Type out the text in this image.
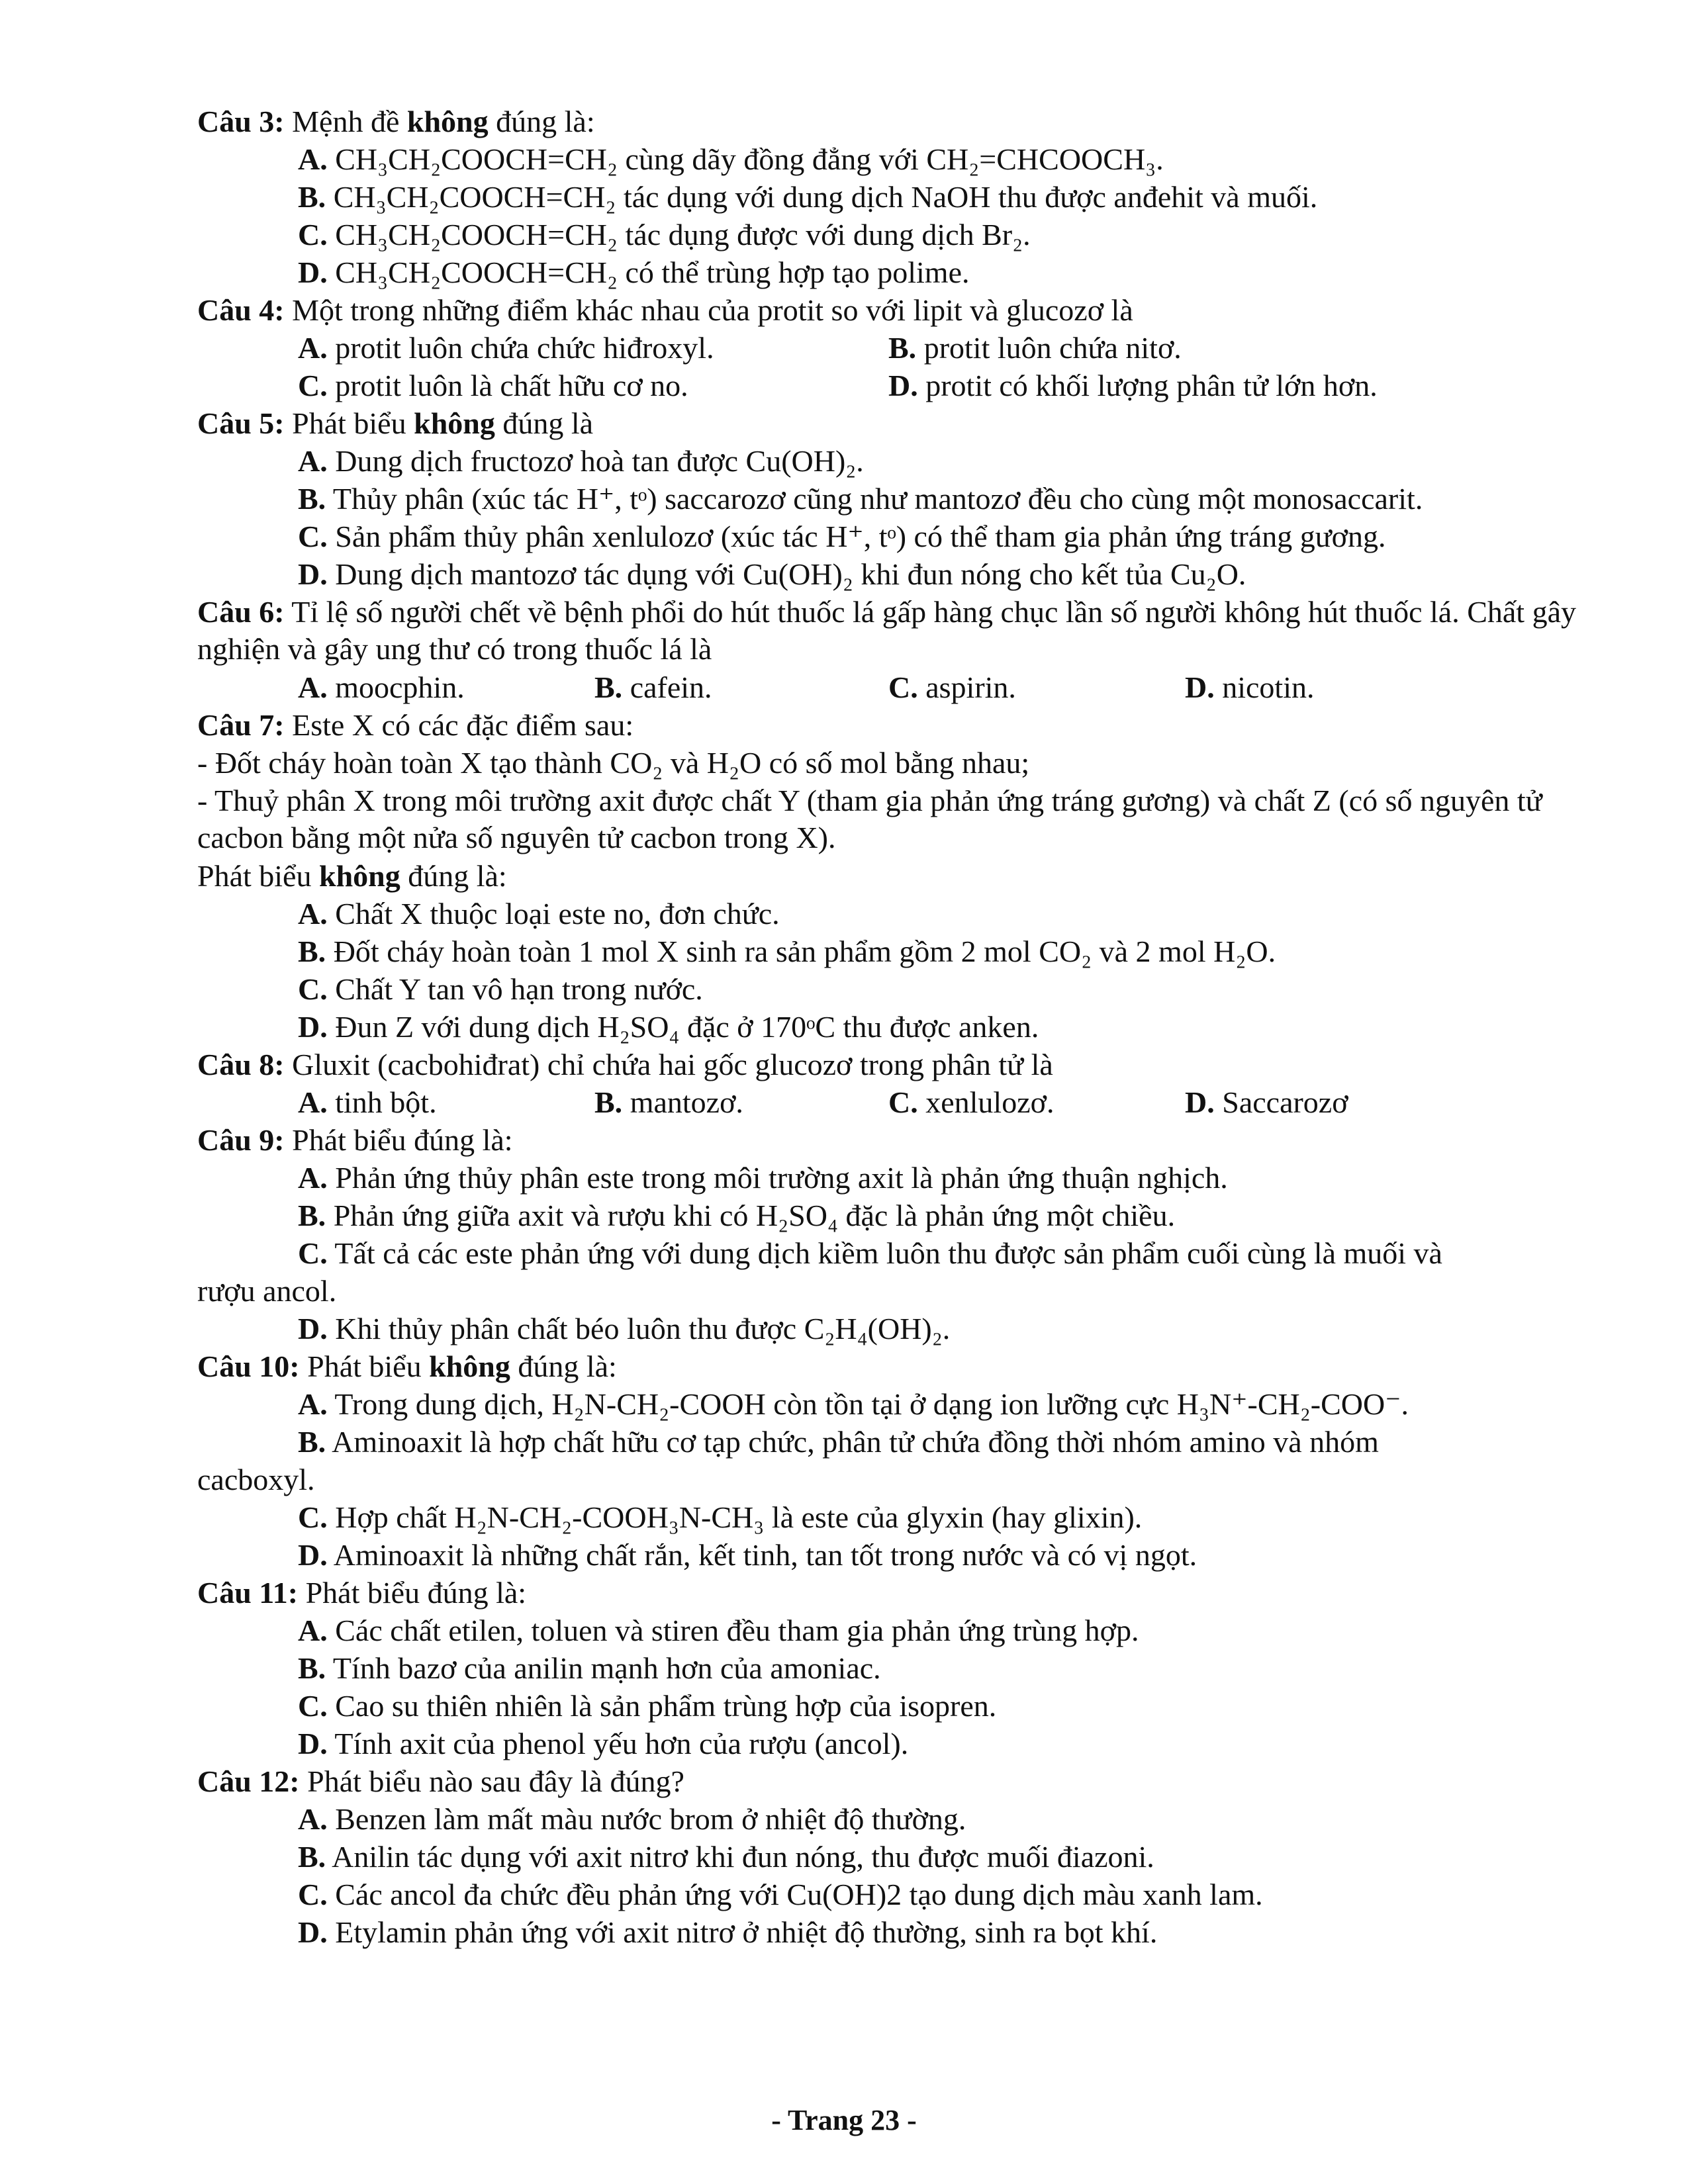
Câu 3: Mệnh đề không đúng là:
A. CH₃CH₂COOCH=CH₂ cùng dãy đồng đẳng với CH₂=CHCOOCH₃.
B. CH₃CH₂COOCH=CH₂ tác dụng với dung dịch NaOH thu được anđehit và muối.
C. CH₃CH₂COOCH=CH₂ tác dụng được với dung dịch Br₂.
D. CH₃CH₂COOCH=CH₂ có thể trùng hợp tạo polime.
Câu 4: Một trong những điểm khác nhau của protit so với lipit và glucozơ là
A. protit luôn chứa chức hiđroxyl.	B. protit luôn chứa nitơ.
C. protit luôn là chất hữu cơ no.	D. protit có khối lượng phân tử lớn hơn.
Câu 5: Phát biểu không đúng là
A. Dung dịch fructozơ hoà tan được Cu(OH)₂.
B. Thủy phân (xúc tác H⁺, tᵒ) saccarozơ cũng như mantozơ đều cho cùng một monosaccarit.
C. Sản phẩm thủy phân xenlulozơ (xúc tác H⁺, tᵒ) có thể tham gia phản ứng tráng gương.
D. Dung dịch mantozơ tác dụng với Cu(OH)₂ khi đun nóng cho kết tủa Cu₂O.
Câu 6: Tỉ lệ số người chết về bệnh phổi do hút thuốc lá gấp hàng chục lần số người không hút thuốc lá. Chất gây nghiện và gây ung thư có trong thuốc lá là
A. moocphin.	B. cafein.	C. aspirin.	D. nicotin.
Câu 7: Este X có các đặc điểm sau:
- Đốt cháy hoàn toàn X tạo thành CO₂ và H₂O có số mol bằng nhau;
- Thuỷ phân X trong môi trường axit được chất Y (tham gia phản ứng tráng gương) và chất Z (có số nguyên tử cacbon bằng một nửa số nguyên tử cacbon trong X).
Phát biểu không đúng là:
A. Chất X thuộc loại este no, đơn chức.
B. Đốt cháy hoàn toàn 1 mol X sinh ra sản phẩm gồm 2 mol CO₂ và 2 mol H₂O.
C. Chất Y tan vô hạn trong nước.
D. Đun Z với dung dịch H₂SO₄ đặc ở 170ᵒC thu được anken.
Câu 8: Gluxit (cacbohiđrat) chỉ chứa hai gốc glucozơ trong phân tử là
A. tinh bột.	B. mantozơ.	C. xenlulozơ.	D. Saccarozơ
Câu 9: Phát biểu đúng là:
A. Phản ứng thủy phân este trong môi trường axit là phản ứng thuận nghịch.
B. Phản ứng giữa axit và rượu khi có H₂SO₄ đặc là phản ứng một chiều.
C. Tất cả các este phản ứng với dung dịch kiềm luôn thu được sản phẩm cuối cùng là muối và
rượu ancol.
D. Khi thủy phân chất béo luôn thu được C₂H₄(OH)₂.
Câu 10: Phát biểu không đúng là:
A. Trong dung dịch, H₂N-CH₂-COOH còn tồn tại ở dạng ion lưỡng cực H₃N⁺-CH₂-COO⁻.
B. Aminoaxit là hợp chất hữu cơ tạp chức, phân tử chứa đồng thời nhóm amino và nhóm
cacboxyl.
C. Hợp chất H₂N-CH₂-COOH₃N-CH₃ là este của glyxin (hay glixin).
D. Aminoaxit là những chất rắn, kết tinh, tan tốt trong nước và có vị ngọt.
Câu 11: Phát biểu đúng là:
A. Các chất etilen, toluen và stiren đều tham gia phản ứng trùng hợp.
B. Tính bazơ của anilin mạnh hơn của amoniac.
C. Cao su thiên nhiên là sản phẩm trùng hợp của isopren.
D. Tính axit của phenol yếu hơn của rượu (ancol).
Câu 12: Phát biểu nào sau đây là đúng?
A. Benzen làm mất màu nước brom ở nhiệt độ thường.
B. Anilin tác dụng với axit nitrơ khi đun nóng, thu được muối điazoni.
C. Các ancol đa chức đều phản ứng với Cu(OH)2 tạo dung dịch màu xanh lam.
D. Etylamin phản ứng với axit nitrơ ở nhiệt độ thường, sinh ra bọt khí.
- Trang 23 -
